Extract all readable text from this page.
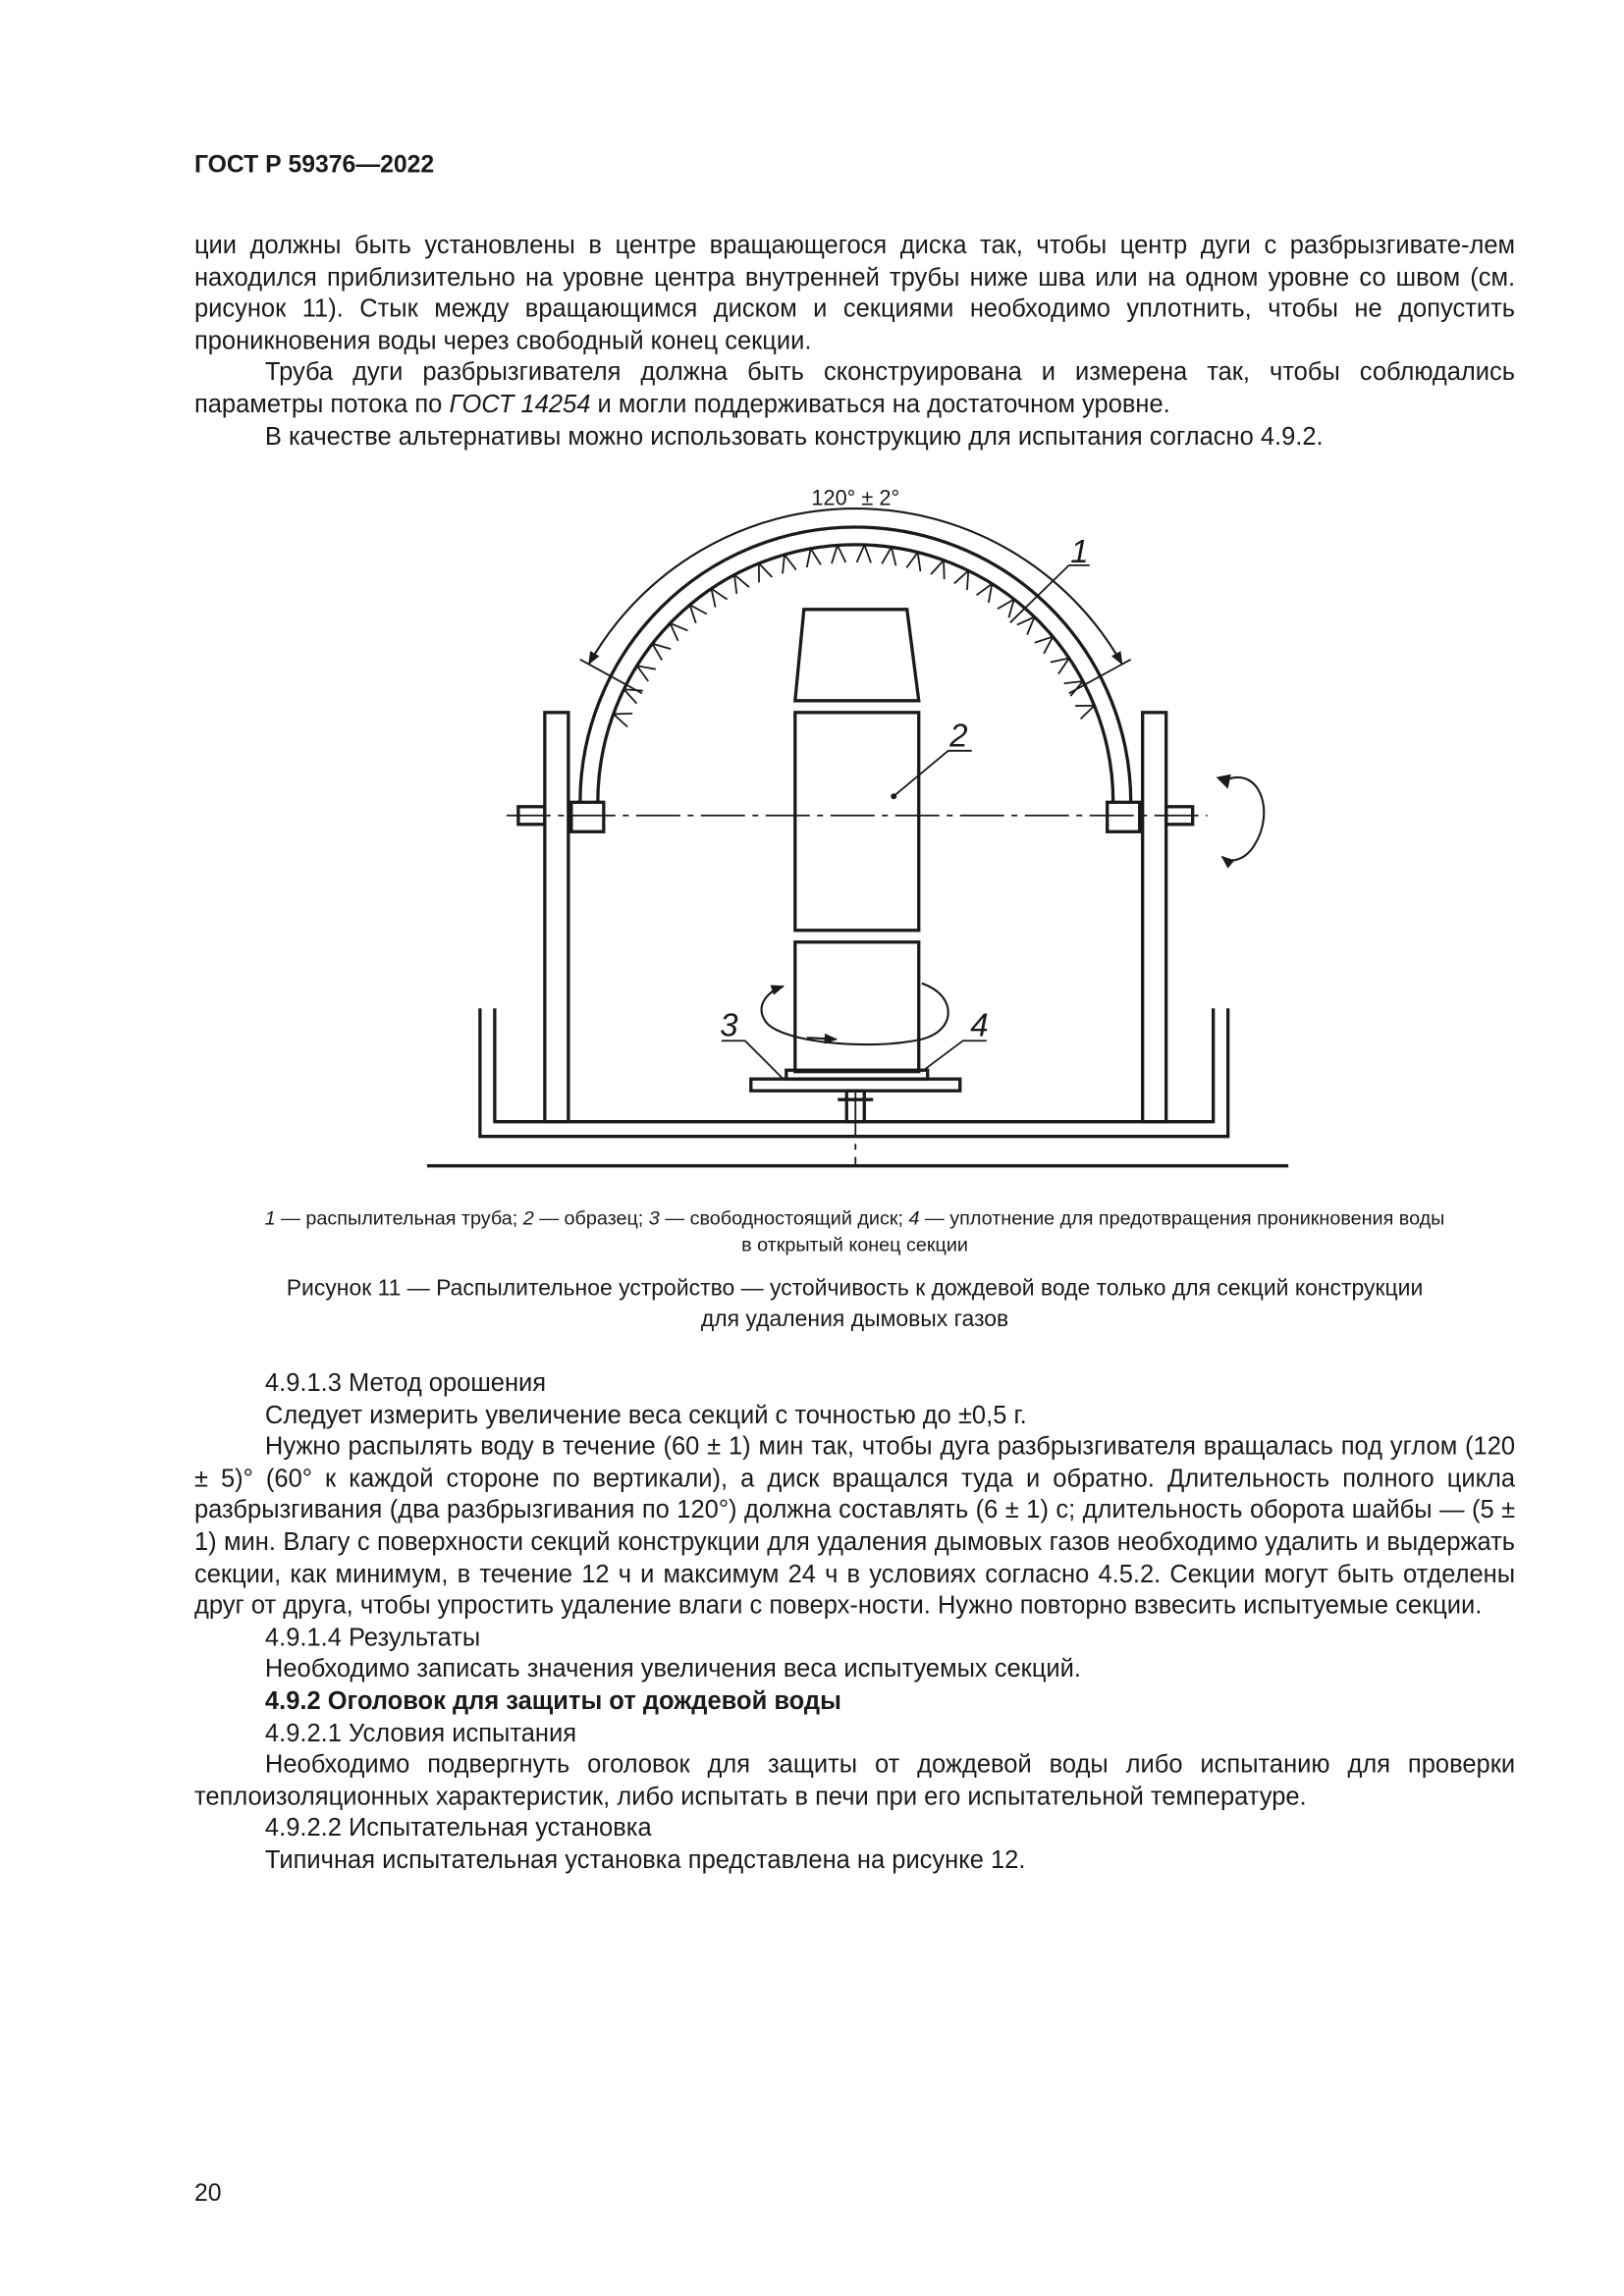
ГОСТ Р 59376—2022

ции должны быть установлены в центре вращающегося диска так, чтобы центр дуги с разбрызгивате-лем находился приблизительно на уровне центра внутренней трубы ниже шва или на одном уровне со швом (см. рисунок 11). Стык между вращающимся диском и секциями необходимо уплотнить, чтобы не допустить проникновения воды через свободный конец секции.

Труба дуги разбрызгивателя должна быть сконструирована и измерена так, чтобы соблюдались параметры потока по ГОСТ 14254 и могли поддерживаться на достаточном уровне.

В качестве альтернативы можно использовать конструкцию для испытания согласно 4.9.2.

120° ± 2°
1
2
3	4
1 — распылительная труба; 2 — образец; 3 — свободностоящий диск; 4 — уплотнение для предотвращения проникновения воды
в открытый конец секции
Рисунок 11 — Распылительное устройство — устойчивость к дождевой воде только для секций конструкции
для удаления дымовых газов

4.9.1.3 Метод орошения

Следует измерить увеличение веса секций с точностью до ±0,5 г.

Нужно распылять воду в течение (60 ± 1) мин так, чтобы дуга разбрызгивателя вращалась под углом (120 ± 5)° (60° к каждой стороне по вертикали), а диск вращался туда и обратно. Длительность полного цикла разбрызгивания (два разбрызгивания по 120°) должна составлять (6 ± 1) с; длительность оборота шайбы — (5 ± 1) мин. Влагу с поверхности секций конструкции для удаления дымовых газов необходимо удалить и выдержать секции, как минимум, в течение 12 ч и максимум 24 ч в условиях согласно 4.5.2. Секции могут быть отделены друг от друга, чтобы упростить удаление влаги с поверх-ности. Нужно повторно взвесить испытуемые секции.

4.9.1.4 Результаты

Необходимо записать значения увеличения веса испытуемых секций.

4.9.2 Оголовок для защиты от дождевой воды

4.9.2.1 Условия испытания

Необходимо подвергнуть оголовок для защиты от дождевой воды либо испытанию для проверки теплоизоляционных характеристик, либо испытать в печи при его испытательной температуре.

4.9.2.2 Испытательная установка

Типичная испытательная установка представлена на рисунке 12.

20
